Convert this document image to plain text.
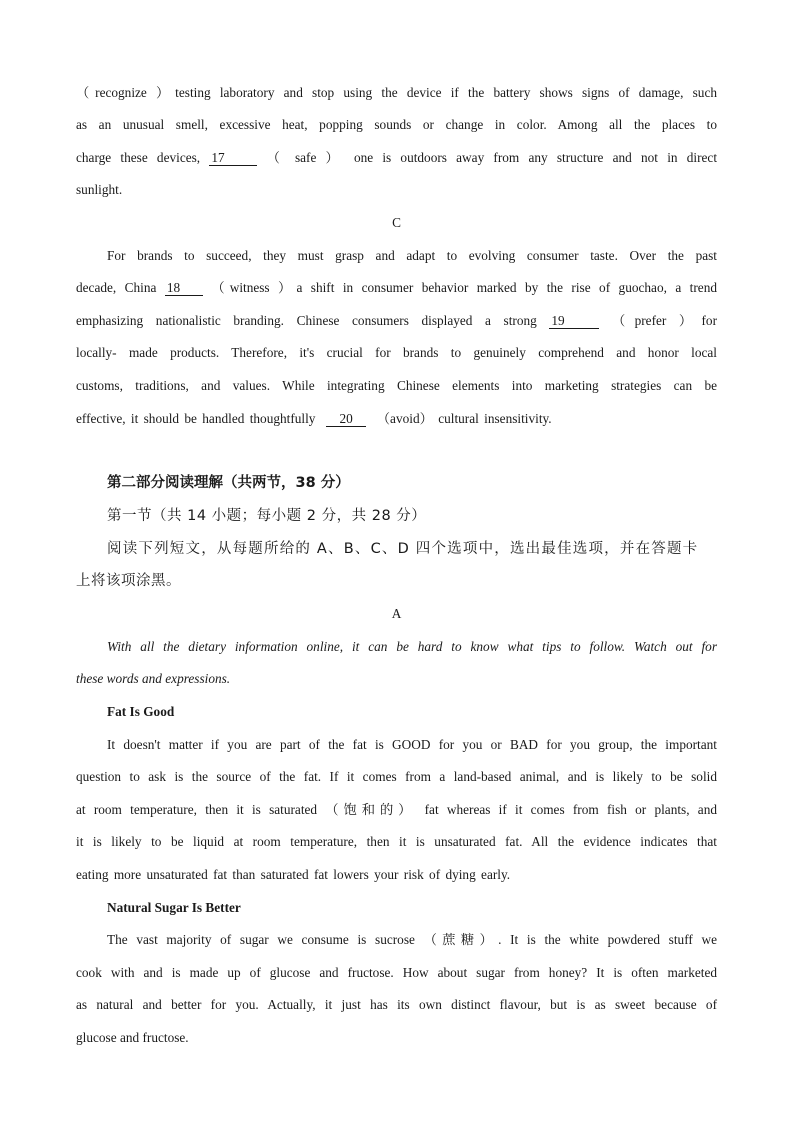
（recognize ）testing laboratory and stop using the device if the battery shows signs of damage, such
as an unusual smell, excessive heat, popping sounds or change in color. Among all the places to
charge these devices, 17	（ safe ） one is outdoors away from any structure and not in direct
sunlight.
C
For brands to succeed, they must grasp and adapt to evolving consumer taste. Over the past
decade, China 18 （witness ）a shift in consumer behavior marked by the rise of guochao, a trend
emphasizing nationalistic branding. Chinese consumers displayed a strong 19	（prefer ）for
locally- made products. Therefore, it's crucial for brands to genuinely comprehend and honor local
customs, traditions, and values. While integrating Chinese elements into marketing strategies can be
effective, it should be handled thoughtfully 20 （avoid） cultural insensitivity.
第二部分阅读理解（共两节，38 分）
第一节（共 14 小题；每小题 2 分，共 28 分）
阅读下列短文，从每题所给的 A、B、C、D 四个选项中，选出最佳选项，并在答题卡
上将该项涂黑。
A
With all the dietary information online, it can be hard to know what tips to follow. Watch out for
these words and expressions.
Fat Is Good
It doesn't matter if you are part of the fat is GOOD for you or BAD for you group, the important
question to ask is the source of the fat. If it comes from a land-based animal, and is likely to be solid
at room temperature, then it is saturated （饱和的） fat whereas if it comes from fish or plants, and
it is likely to be liquid at room temperature, then it is unsaturated fat. All the evidence indicates that
eating more unsaturated fat than saturated fat lowers your risk of dying early.
Natural Sugar Is Better
The vast majority of sugar we consume is sucrose （蔗糖）. It is the white powdered stuff we
cook with and is made up of glucose and fructose. How about sugar from honey? It is often marketed
as natural and better for you. Actually, it just has its own distinct flavour, but is as sweet because of
glucose and fructose.
